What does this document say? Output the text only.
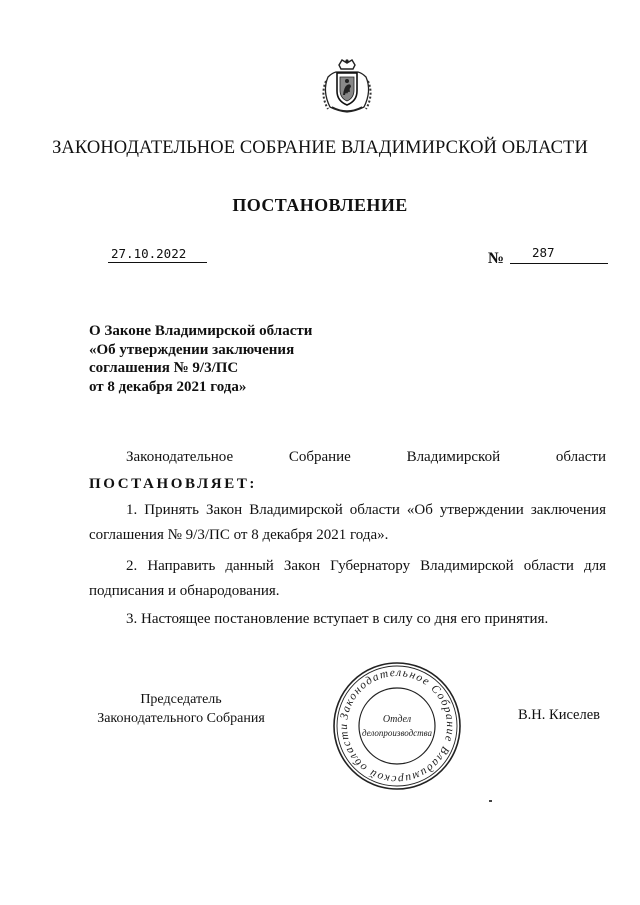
ЗАКОНОДАТЕЛЬНОЕ СОБРАНИЕ ВЛАДИМИРСКОЙ ОБЛАСТИ
ПОСТАНОВЛЕНИЕ
27.10.2022	№	287
О Законе Владимирской области
«Об утверждении заключения
соглашения № 9/3/ПС
от 8 декабря 2021 года»
Законодательное	Собрание	Владимирской	области
ПОСТАНОВЛЯЕТ:
1. Принять Закон Владимирской области «Об утверждении заключения соглашения № 9/3/ПС от 8 декабря 2021 года».
2. Направить данный Закон Губернатору Владимирской области для подписания и обнародования.
3. Настоящее постановление вступает в силу со дня его принятия.
Председатель
Законодательного Собрания	В.Н. Киселев
Законодательное Собрание Владимирской области
Отдел
делопроизводства
